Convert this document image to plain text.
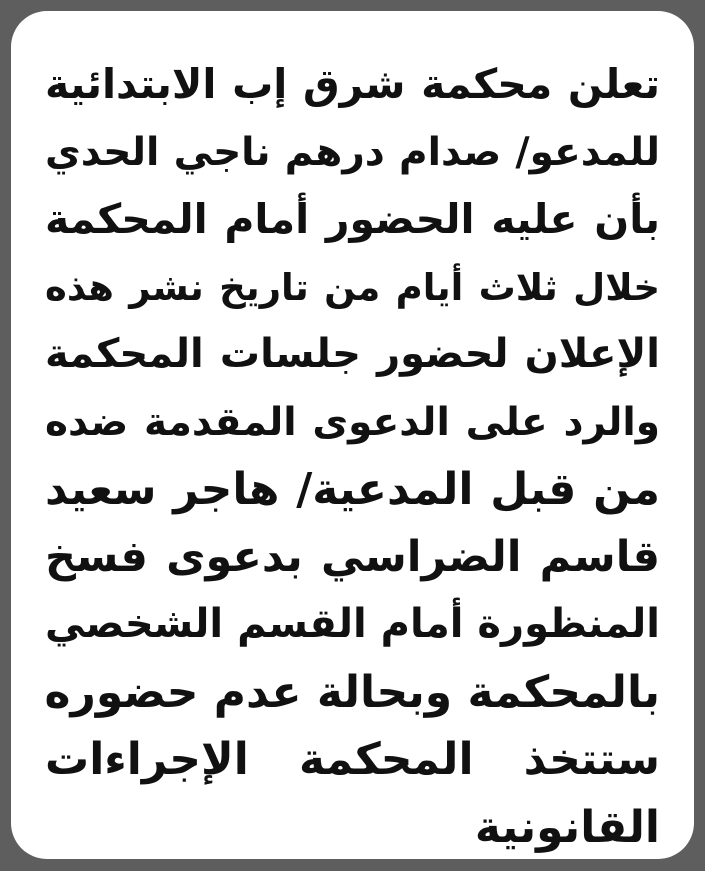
تعلن محكمة شرق إب الابتدائية
للمدعو/ صدام درهم ناجي الحدي
بأن عليه الحضور أمام المحكمة
خلال ثلاث أيام من تاريخ نشر هذه
الإعلان لحضور جلسات المحكمة
والرد على الدعوى المقدمة ضده
من قبل المدعية/ هاجر سعيد
قاسم الضراسي بدعوى فسخ
المنظورة أمام القسم الشخصي
بالمحكمة وبحالة عدم حضوره
ستتخذ المحكمة الإجراءات
القانونية
